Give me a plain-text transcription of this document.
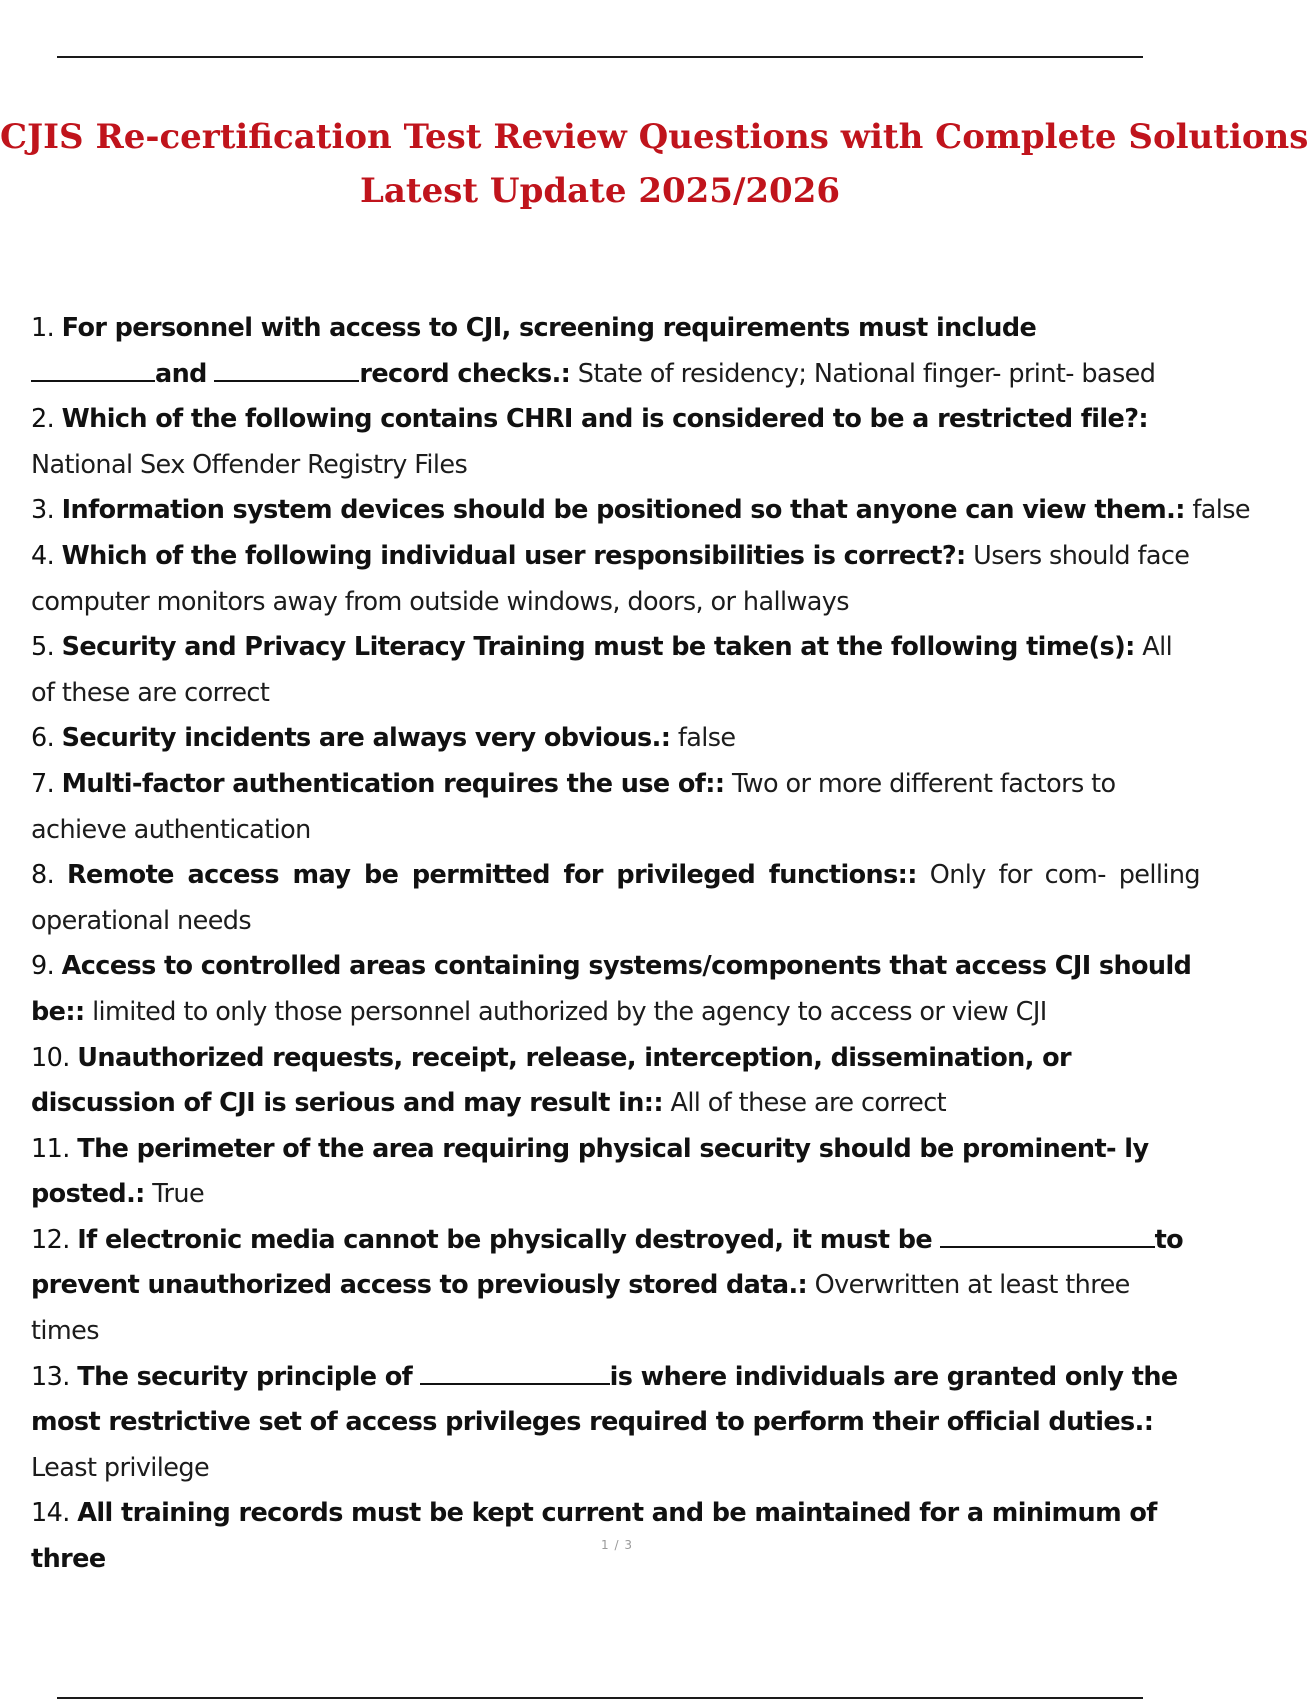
CJIS Re-certification Test Review Questions with Complete Solutions
Latest Update 2025/2026

1. For personnel with access to CJI, screening requirements must include
and	record checks.: State of residency; National finger- print- based

2. Which of the following contains CHRI and is considered to be a restricted file?: National Sex Offender Registry Files

3. Information system devices should be positioned so that anyone can view them.: false

4. Which of the following individual user responsibilities is correct?: Users should face computer monitors away from outside windows, doors, or hallways

5. Security and Privacy Literacy Training must be taken at the following time(s): All of these are correct

6. Security incidents are always very obvious.: false

7. Multi-factor authentication requires the use of:: Two or more different factors to achieve authentication

8. Remote access may be permitted for privileged functions:: Only for com- pelling operational needs

9. Access to controlled areas containing systems/components that access CJI should be:: limited to only those personnel authorized by the agency to access or view CJI

10. Unauthorized requests, receipt, release, interception, dissemination, or discussion of CJI is serious and may result in:: All of these are correct

11. The perimeter of the area requiring physical security should be prominent- ly posted.: True

12. If electronic media cannot be physically destroyed, it must be	to prevent unauthorized access to previously stored data.: Overwritten at least three times

13. The security principle of	is where individuals are granted only the most restrictive set of access privileges required to perform their official duties.: Least privilege

14. All training records must be kept current and be maintained for a minimum of three	1 / 3
